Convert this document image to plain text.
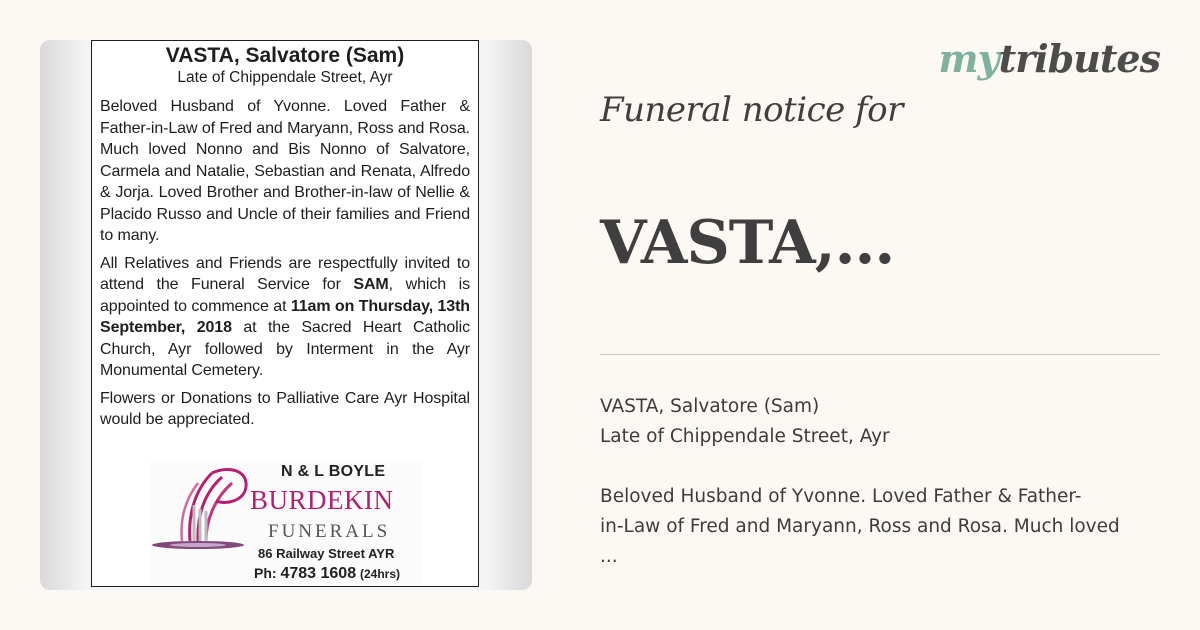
VASTA, Salvatore (Sam)
Late of Chippendale Street, Ayr

Beloved Husband of Yvonne. Loved Father & Father-in-Law of Fred and Maryann, Ross and Rosa. Much loved Nonno and Bis Nonno of Salvatore, Carmela and Natalie, Sebastian and Renata, Alfredo & Jorja. Loved Brother and Brother-in-law of Nellie & Placido Russo and Uncle of their families and Friend to many.

All Relatives and Friends are respectfully invited to attend the Funeral Service for SAM, which is appointed to commence at 11am on Thursday, 13th September, 2018 at the Sacred Heart Catholic Church, Ayr followed by Interment in the Ayr Monumental Cemetery.

Flowers or Donations to Palliative Care Ayr Hospital would be appreciated.

N & L BOYLE
BURDEKIN
FUNERALS
86 Railway Street AYR
Ph: 4783 1608 (24hrs)
mytributes
Funeral notice for
VASTA,...
VASTA, Salvatore (Sam)
Late of Chippendale Street, Ayr

Beloved Husband of Yvonne. Loved Father & Father-
in-Law of Fred and Maryann, Ross and Rosa. Much loved
...
